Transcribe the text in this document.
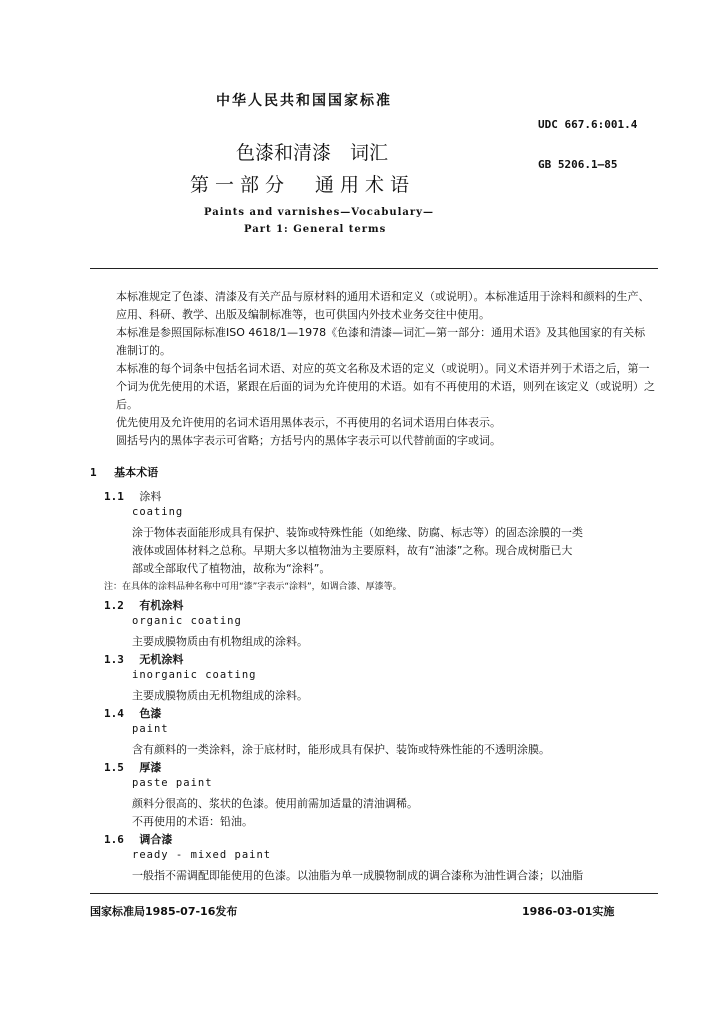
中华人民共和国国家标准
UDC 667.6:001.4
色漆和清漆　词汇
GB 5206.1—85
第一部分　通用术语
Paints and varnishes—Vocabulary—
Part 1: General terms
本标准规定了色漆、清漆及有关产品与原材料的通用术语和定义（或说明）。本标准适用于涂料和颜料的生产、应用、科研、教学、出版及编制标准等，也可供国内外技术业务交往中使用。
本标准是参照国际标准ISO 4618/1—1978《色漆和清漆—词汇—第一部分：通用术语》及其他国家的有关标准制订的。
本标准的每个词条中包括名词术语、对应的英文名称及术语的定义（或说明）。同义术语并列于术语之后，第一个词为优先使用的术语，紧跟在后面的词为允许使用的术语。如有不再使用的术语，则列在该定义（或说明）之后。
优先使用及允许使用的名词术语用黑体表示，不再使用的名词术语用白体表示。
圆括号内的黑体字表示可省略；方括号内的黑体字表示可以代替前面的字或词。
1 基本术语
1.1 涂料
coating
涂于物体表面能形成具有保护、装饰或特殊性能（如绝缘、防腐、标志等）的固态涂膜的一类
液体或固体材料之总称。早期大多以植物油为主要原料，故有“油漆”之称。现合成树脂已大
部或全部取代了植物油，故称为“涂料”。
注：在具体的涂料品种名称中可用“漆”字表示“涂料”，如调合漆、厚漆等。
1.2 有机涂料
organic coating
主要成膜物质由有机物组成的涂料。
1.3 无机涂料
inorganic coating
主要成膜物质由无机物组成的涂料。
1.4 色漆
paint
含有颜料的一类涂料，涂于底材时，能形成具有保护、装饰或特殊性能的不透明涂膜。
1.5 厚漆
paste paint
颜料分很高的、浆状的色漆。使用前需加适量的清油调稀。
不再使用的术语：铅油。
1.6 调合漆
ready - mixed paint
一般指不需调配即能使用的色漆。以油脂为单一成膜物制成的调合漆称为油性调合漆；以油脂
国家标准局1985-07-16发布	1986-03-01实施
